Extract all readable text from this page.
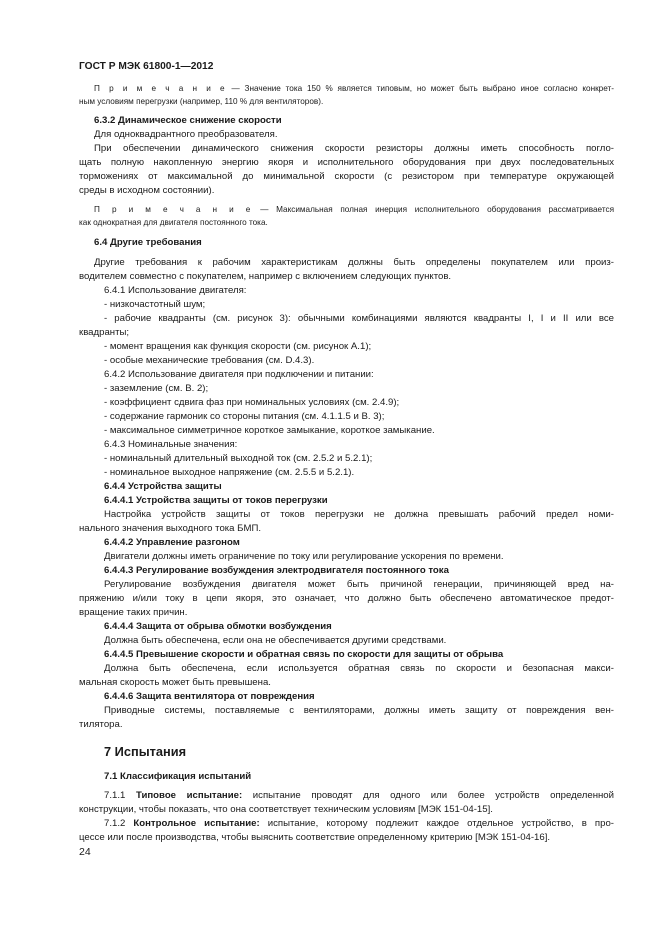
ГОСТ Р МЭК 61800-1—2012
П р и м е ч а н и е — Значение тока 150 % является типовым, но может быть выбрано иное согласно конкрет-
ным условиям перегрузки (например, 110 % для вентиляторов).
6.3.2 Динамическое снижение скорости
Для одноквадрантного преобразователя.
При обеспечении динамического снижения скорости резисторы должны иметь способность погло-
щать полную накопленную энергию якоря и исполнительного оборудования при двух последовательных
торможениях от максимальной до минимальной скорости (с резистором при температуре окружающей
среды в исходном состоянии).
П р и м е ч а н и е — Максимальная полная инерция исполнительного оборудования рассматривается
как однократная для двигателя постоянного тока.
6.4 Другие требования
Другие требования к рабочим характеристикам должны быть определены покупателем или произ-
водителем совместно с покупателем, например с включением следующих пунктов.
6.4.1 Использование двигателя:
- низкочастотный шум;
- рабочие квадранты (см. рисунок 3): обычными комбинациями являются квадранты I, I и II или все
квадранты;
- момент вращения как функция скорости (см. рисунок А.1);
- особые механические требования (см. D.4.3).
6.4.2 Использование двигателя при подключении и питании:
- заземление (см. В. 2);
- коэффициент сдвига фаз при номинальных условиях (см. 2.4.9);
- содержание гармоник со стороны питания (см. 4.1.1.5 и В. 3);
- максимальное симметричное короткое замыкание, короткое замыкание.
6.4.3 Номинальные значения:
- номинальный длительный выходной ток (см. 2.5.2 и 5.2.1);
- номинальное выходное напряжение (см. 2.5.5 и 5.2.1).
6.4.4 Устройства защиты
6.4.4.1 Устройства защиты от токов перегрузки
Настройка устройств защиты от токов перегрузки не должна превышать рабочий предел номи-
нального значения выходного тока БМП.
6.4.4.2 Управление разгоном
Двигатели должны иметь ограничение по току или регулирование ускорения по времени.
6.4.4.3 Регулирование возбуждения электродвигателя постоянного тока
Регулирование возбуждения двигателя может быть причиной генерации, причиняющей вред на-
пряжению и/или току в цепи якоря, это означает, что должно быть обеспечено автоматическое предот-
вращение таких причин.
6.4.4.4 Защита от обрыва обмотки возбуждения
Должна быть обеспечена, если она не обеспечивается другими средствами.
6.4.4.5 Превышение скорости и обратная связь по скорости для защиты от обрыва
Должна быть обеспечена, если используется обратная связь по скорости и безопасная макси-
мальная скорость может быть превышена.
6.4.4.6 Защита вентилятора от повреждения
Приводные системы, поставляемые с вентиляторами, должны иметь защиту от повреждения вен-
тилятора.
7 Испытания
7.1 Классификация испытаний
7.1.1 Типовое испытание: испытание проводят для одного или более устройств определенной
конструкции, чтобы показать, что она соответствует техническим условиям [МЭК 151-04-15].
7.1.2 Контрольное испытание: испытание, которому подлежит каждое отдельное устройство, в про-
цессе или после производства, чтобы выяснить соответствие определенному критерию [МЭК 151-04-16].
24
